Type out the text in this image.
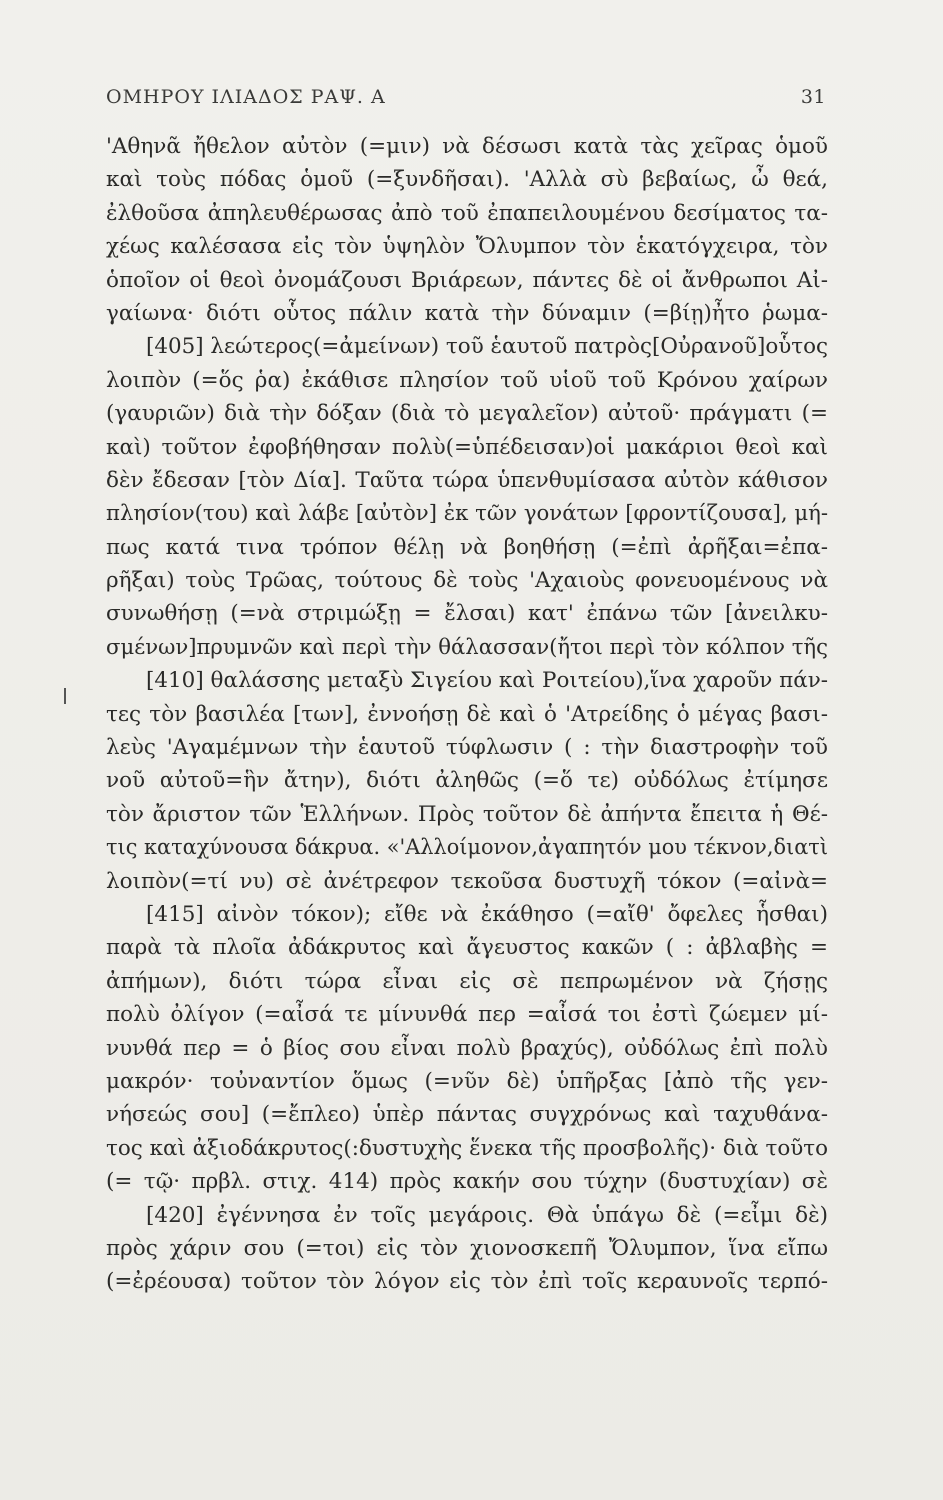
ΟΜΗΡΟΥ ΙΛΙΑΔΟΣ ΡΑΨ. Α	31
'Αθηνᾶ ἤθελον αὐτὸν (=μιν) νὰ δέσωσι κατὰ τὰς χεῖρας ὁμοῦ
καὶ τοὺς πόδας ὁμοῦ (=ξυνδῆσαι). 'Αλλὰ σὺ βεβαίως, ὦ θεά,
ἐλθοῦσα ἀπηλευθέρωσας ἀπὸ τοῦ ἐπαπειλουμένου δεσίματος τα-
χέως καλέσασα εἰς τὸν ὑψηλὸν Ὄλυμπον τὸν ἑκατόγχειρα, τὸν
ὁποῖον οἱ θεοὶ ὀνομάζουσι Βριάρεων, πάντες δὲ οἱ ἄνθρωποι Αἰ-
γαίωνα· διότι οὗτος πάλιν κατὰ τὴν δύναμιν (=βίῃ)ἦτο ῥωμα-
[405] λεώτερος(=ἀμείνων) τοῦ ἑαυτοῦ πατρὸς[Οὐρανοῦ]οὗτος
λοιπὸν (=ὅς ῥα) ἐκάθισε πλησίον τοῦ υἱοῦ τοῦ Κρόνου χαίρων
(γαυριῶν) διὰ τὴν δόξαν (διὰ τὸ μεγαλεῖον) αὐτοῦ· πράγματι (=
καὶ) τοῦτον ἐφοβήθησαν πολὺ(=ὑπέδεισαν)οἱ μακάριοι θεοὶ καὶ
δὲν ἔδεσαν [τὸν Δία]. Ταῦτα τώρα ὑπενθυμίσασα αὐτὸν κάθισον
πλησίον(του) καὶ λάβε [αὐτὸν] ἐκ τῶν γονάτων [φροντίζουσα], μή-
πως κατά τινα τρόπον θέλῃ νὰ βοηθήσῃ (=ἐπὶ ἀρῆξαι=ἐπα-
ρῆξαι) τοὺς Τρῶας, τούτους δὲ τοὺς 'Αχαιοὺς φονευομένους νὰ
συνωθήσῃ (=νὰ στριμώξῃ = ἔλσαι) κατ' ἐπάνω τῶν [ἀνειλκυ-
σμένων]πρυμνῶν καὶ περὶ τὴν θάλασσαν(ἤτοι περὶ τὸν κόλπον τῆς
[410] θαλάσσης μεταξὺ Σιγείου καὶ Ροιτείου),ἵνα χαροῦν πάν-
τες τὸν βασιλέα [των], ἐννοήσῃ δὲ καὶ ὁ 'Ατρείδης ὁ μέγας βασι-
λεὺς 'Αγαμέμνων τὴν ἑαυτοῦ τύφλωσιν ( : τὴν διαστροφὴν τοῦ
νοῦ αὐτοῦ=ἣν ἄτην), διότι ἀληθῶς (=ὅ τε) οὐδόλως ἐτίμησε
τὸν ἄριστον τῶν Ἑλλήνων. Πρὸς τοῦτον δὲ ἀπήντα ἔπειτα ἡ Θέ-
τις καταχύνουσα δάκρυα. «'Αλλοίμονον,ἀγαπητόν μου τέκνον,διατὶ
λοιπὸν(=τί νυ) σὲ ἀνέτρεφον τεκοῦσα δυστυχῆ τόκον (=αἰνὰ=
[415] αἰνὸν τόκον); εἴθε νὰ ἐκάθησο (=αἴθ' ὄφελες ἧσθαι)
παρὰ τὰ πλοῖα ἀδάκρυτος καὶ ἄγευστος κακῶν ( : ἀβλαβὴς =
ἀπήμων), διότι τώρα εἶναι εἰς σὲ πεπρωμένον νὰ ζήσῃς
πολὺ ὀλίγον (=αἶσά τε μίνυνθά περ =αἶσά τοι ἐστὶ ζώεμεν μί-
νυνθά περ = ὁ βίος σου εἶναι πολὺ βραχύς), οὐδόλως ἐπὶ πολὺ
μακρόν· τοὐναντίον ὅμως (=νῦν δὲ) ὑπῆρξας [ἀπὸ τῆς γεν-
νήσεώς σου] (=ἔπλεο) ὑπὲρ πάντας συγχρόνως καὶ ταχυθάνα-
τος καὶ ἀξιοδάκρυτος(:δυστυχὴς ἕνεκα τῆς προσβολῆς)· διὰ τοῦτο
(= τῷ· πρβλ. στιχ. 414) πρὸς κακήν σου τύχην (δυστυχίαν) σὲ
[420] ἐγέννησα ἐν τοῖς μεγάροις. Θὰ ὑπάγω δὲ (=εἶμι δὲ)
πρὸς χάριν σου (=τοι) εἰς τὸν χιονοσκεπῆ Ὄλυμπον, ἵνα εἴπω
(=ἐρέουσα) τοῦτον τὸν λόγον εἰς τὸν ἐπὶ τοῖς κεραυνοῖς τερπό-
